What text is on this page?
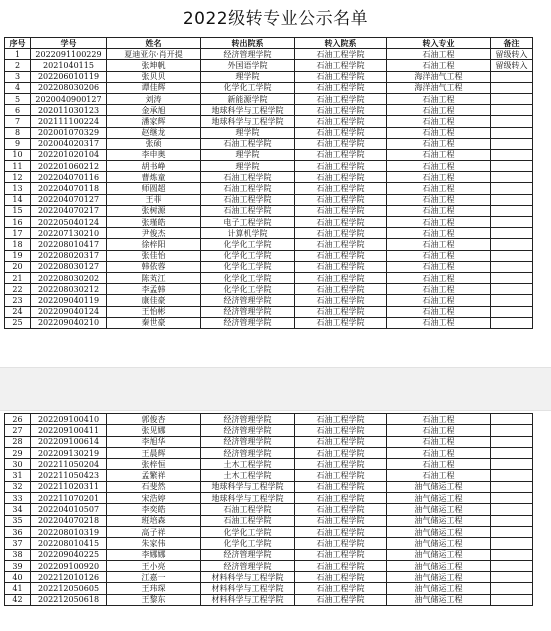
2022级转专业公示名单
序号	学号	姓名	转出院系	转入院系	转入专业	备注
1	2022091100229	夏迪亚尔·肖开提	经济管理学院	石油工程学院	石油工程	留级转入
2	2021040115	张坤帆	外国语学院	石油工程学院	石油工程	留级转入
3	202206010119	张贝贝	理学院	石油工程学院	海洋油气工程	
4	202208030206	谭佳辉	化学化工学院	石油工程学院	海洋油气工程	
5	2020040900127	刘涛	新能源学院	石油工程学院	石油工程	
6	202011030123	金承旭	地球科学与工程学院	石油工程学院	石油工程	
7	202111100224	潘家辉	地球科学与工程学院	石油工程学院	石油工程	
8	202001070329	赵继龙	理学院	石油工程学院	石油工程	
9	202004020317	张硕	石油工程学院	石油工程学院	石油工程	
10	202201020104	李申奥	理学院	石油工程学院	石油工程	
11	202201060212	胡书峥	理学院	石油工程学院	石油工程	
12	202204070116	曹炼童	石油工程学院	石油工程学院	石油工程	
13	202204070118	师圆超	石油工程学院	石油工程学院	石油工程	
14	202204070127	王菲	石油工程学院	石油工程学院	石油工程	
15	202204070217	张树源	石油工程学院	石油工程学院	石油工程	
16	202205040124	张瑾皓	电子工程学院	石油工程学院	石油工程	
17	202207130210	尹俊杰	计算机学院	石油工程学院	石油工程	
18	202208010417	徐梓阳	化学化工学院	石油工程学院	石油工程	
19	202208020317	张佳怡	化学化工学院	石油工程学院	石油工程	
20	202208030127	韩依蓉	化学化工学院	石油工程学院	石油工程	
21	202208030202	陈芄江	化学化工学院	石油工程学院	石油工程	
22	202208030212	李孟韩	化学化工学院	石油工程学院	石油工程	
23	202209040119	康佳豪	经济管理学院	石油工程学院	石油工程	
24	202209040124	王怡彬	经济管理学院	石油工程学院	石油工程	
25	202209040210	秦世豪	经济管理学院	石油工程学院	石油工程	
26	202209100410	郭俊杏	经济管理学院	石油工程学院	石油工程	
27	202209100411	张见娜	经济管理学院	石油工程学院	石油工程	
28	202209100614	李旭华	经济管理学院	石油工程学院	石油工程	
29	202209130219	王晨辉	经济管理学院	石油工程学院	石油工程	
30	202211050204	张梓恒	土木工程学院	石油工程学院	石油工程	
31	202211050423	孟繁祥	土木工程学院	石油工程学院	石油工程	
32	202211020311	石斐然	地球科学与工程学院	石油工程学院	油气储运工程	
33	202211070201	宋浩婷	地球科学与工程学院	石油工程学院	油气储运工程	
34	202204010507	李奕皓	石油工程学院	石油工程学院	油气储运工程	
35	202204070218	班培森	石油工程学院	石油工程学院	油气储运工程	
36	202208010319	高子祥	化学化工学院	石油工程学院	油气储运工程	
37	202208010415	朱家伟	化学化工学院	石油工程学院	油气储运工程	
38	202209040225	李娜娜	经济管理学院	石油工程学院	油气储运工程	
39	202209100920	王小亮	经济管理学院	石油工程学院	油气储运工程	
40	202212010126	江嘉一	材料科学与工程学院	石油工程学院	油气储运工程	
41	202212050605	王玮琛	材料科学与工程学院	石油工程学院	油气储运工程	
42	202212050618	王黎东	材料科学与工程学院	石油工程学院	油气储运工程	
